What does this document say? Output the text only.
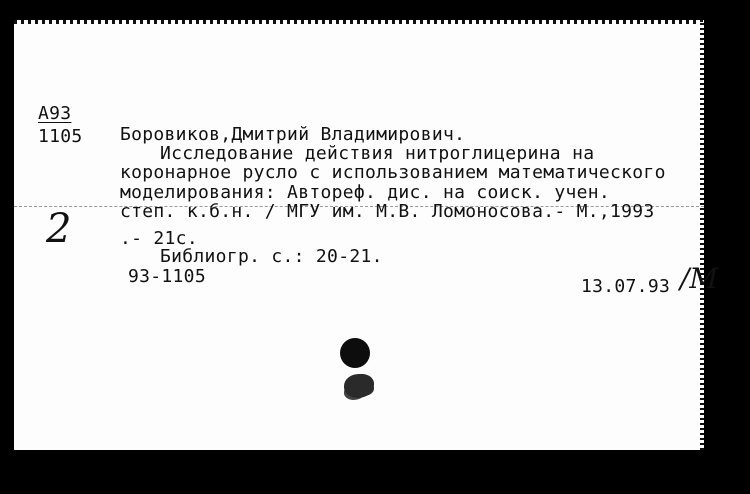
А93
1105 Боровиков,Дмитрий Владимирович.
Исследование действия нитроглицерина на
коронарное русло с использованием математического
моделирования: Автореф. дис. на соиск. учен.
степ. к.б.н. / МГУ им. М.В. Ломоносова.- М.,1993
.- 21с.
Библиогр. с.: 20-21.
93-1105	13.07.93
2
/М
